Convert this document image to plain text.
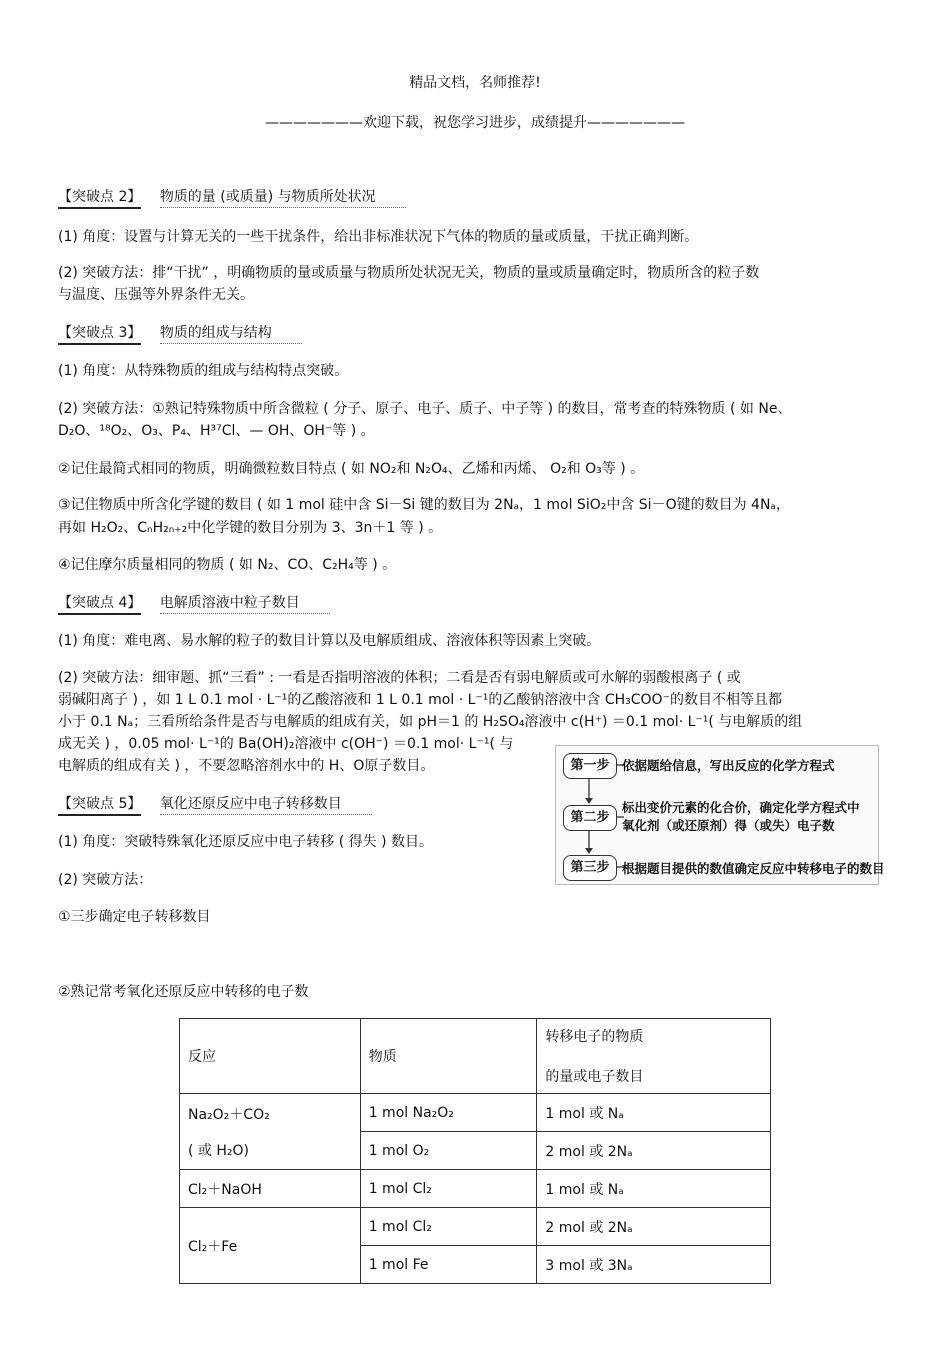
精品文档，名师推荐!
———————欢迎下载，祝您学习进步，成绩提升———————
【突破点 2】 物质的量 (或质量) 与物质所处状况
(1) 角度：设置与计算无关的一些干扰条件，给出非标准状况下气体的物质的量或质量，干扰正确判断。
(2) 突破方法：排“干扰” ，明确物质的量或质量与物质所处状况无关，物质的量或质量确定时，物质所含的粒子数
与温度、压强等外界条件无关。
【突破点 3】 物质的组成与结构
(1) 角度：从特殊物质的组成与结构特点突破。
(2) 突破方法：①熟记特殊物质中所含微粒 ( 分子、原子、电子、质子、中子等 ) 的数目，常考查的特殊物质 ( 如 Ne、
D₂O、¹⁸O₂、O₃、P₄、H³⁷Cl、— OH、OH⁻等 ) 。
②记住最简式相同的物质，明确微粒数目特点 ( 如 NO₂和 N₂O₄、乙烯和丙烯、 O₂和 O₃等 ) 。
③记住物质中所含化学键的数目 ( 如 1 mol 硅中含 Si－Si 键的数目为 2Nₐ，1 mol SiO₂中含 Si－O键的数目为 4Nₐ，
再如 H₂O₂、CₙH₂ₙ₊₂中化学键的数目分别为 3、3n＋1 等 ) 。
④记住摩尔质量相同的物质 ( 如 N₂、CO、C₂H₄等 ) 。
【突破点 4】 电解质溶液中粒子数目
(1) 角度：难电离、易水解的粒子的数目计算以及电解质组成、溶液体积等因素上突破。
(2) 突破方法：细审题、抓“三看” : 一看是否指明溶液的体积；二看是否有弱电解质或可水解的弱酸根离子 ( 或
弱碱阳离子 ) ，如 1 L 0.1 mol · L⁻¹的乙酸溶液和 1 L 0.1 mol · L⁻¹的乙酸钠溶液中含 CH₃COO⁻的数目不相等且都
小于 0.1 Nₐ；三看所给条件是否与电解质的组成有关，如 pH＝1 的 H₂SO₄溶液中 c(H⁺) ＝0.1 mol· L⁻¹( 与电解质的组
成无关 ) ，0.05 mol· L⁻¹的 Ba(OH)₂溶液中 c(OH⁻) ＝0.1 mol· L⁻¹( 与
电解质的组成有关 ) ，不要忽略溶剂水中的 H、O原子数目。
【突破点 5】 氧化还原反应中电子转移数目
(1) 角度：突破特殊氧化还原反应中电子转移 ( 得失 ) 数目。
(2) 突破方法：
①三步确定电子转移数目
②熟记常考氧化还原反应中转移的电子数
第一步	依据题给信息，写出反应的化学方程式
第二步
标出变价元素的化合价，确定化学方程式中
氧化剂（或还原剂）得（或失）电子数
第三步	根据题目提供的数值确定反应中转移电子的数目
反应	物质	转移电子的物质
的量或电子数目

Na₂O₂＋CO₂
( 或 H₂O)	1 mol Na₂O₂	1 mol 或 Nₐ
	1 mol O₂	2 mol 或 2Nₐ
Cl₂＋NaOH	1 mol Cl₂	1 mol 或 Nₐ
Cl₂＋Fe	1 mol Cl₂	2 mol 或 2Nₐ
	1 mol Fe	3 mol 或 3Nₐ
